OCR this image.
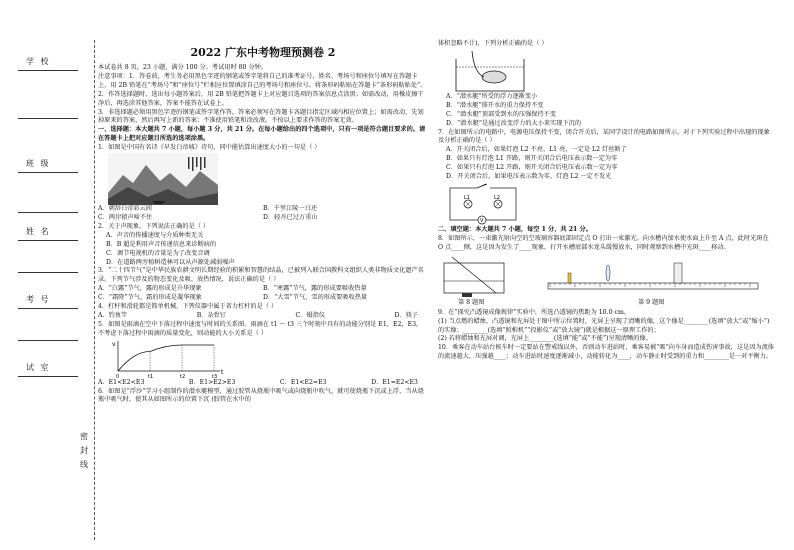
学 校
班 级
姓 名
考 号
试 室
密
封
线
2022 广东中考物理预测卷 2

本试卷共 8 页，23 小题，满分 100 分。考试用时 80 分钟。

注意事项：1．答卷前，考生务必用黑色字迹的钢笔或签字笔将自己的准考证号、姓名、考场号和座位号填写在答题卡上，用 2B 铅笔在“考场号”和“座位号”栏相应位置填涂自己的考场号和座位号。将条形码粘贴在答题卡“条形码粘贴处”。

2．作答选择题时，选出每小题答案后，用 2B 铅笔把答题卡上对应题目选项的答案信息点涂黑；如需改动，用橡皮擦干净后，再选涂其他答案，答案不能答在试卷上。

3．非选择题必须用黑色字迹的钢笔或签字笔作答，答案必须写在答题卡各题目指定区域内相应位置上；如需改动，先划掉原来的答案，然后再写上新的答案；不准使用铅笔和涂改液。不按以上要求作答的答案无效。

一、选择题：本大题共 7 小题，每小题 3 分，共 21 分。在每小题给出的四个选项中，只有一项是符合题目要求的。请在答题卡上把对应题目所选的选项涂黑。

1．如图是中国有名诗《早发白帝城》诗句，同中能估算出速度大小的一句是（ ）

A．朝辞白帝彩云间	B．千里江陵一日还
C．两岸猿声啼不住	D．轻舟已过万重山

2．关于声现象，下列说法正确的是（ ）

A．声音的传播速度与介质种类无关

B．B 超是利用声音传递信息来诊断病的

C．调节电视机的音量是为了改变音调

D．在道路两旁植树造林可以从声源处减弱噪声

3．“二十四节气”是中华民族农耕文明长期经验的积累和智慧的结晶，已被列入联合国教科文组织人类非物质文化遗产名录。下列节气涉及的物态变化及吸、放热情况，说法正确的是（ ）

A．“白露”节气，露的形成是升华现象	B．“寒露”节气，露的形成要吸收热量
C．“霜降”节气，霜的形成是凝华现象	D．“大雪”节气，雪的形成要吸收热量

4．杠杆和滑轮都是简单机械，下列仪器中属于省力杠杆的是（ ）

A．钓鱼竿	B．杂骨钉	C．镊指仪	D．筷子

5．如图是雨滴在空中下落过程中速度与时间的关系图。雨滴在 t1 ～ t3 三个时刻中具有的动能分别是 E1，E2，E3，不考虑下落过程中雨滴的质量变化，则动能的大小关系是（ ）

v
t
0	t1	t2	t3
A．E1<E2<E3	B．E1>E2>E3	C．E1<E2=E3	D．E1=E2<E3

6．如图是“浮沙”学习小组制作的潜水艇模型，通过胶管从烧瓶中吸气或向烧瓶中吹气，就可使烧瓶下沉或上浮，当从烧瓶中吸气时，使其从如图所示的位置下沉 (胶管在水中的

体积忽略不计)，下列分析正确的是（ ）

A．“潜水艇”所受的浮力逐渐变小

B．“潜水艇”排开水的重力保持不变

C．“潜水艇”顶部受到水的压强保持不变

D．“潜水艇”是通过改变浮力的大小来实现下沉的

7．在如图所示的电路中，电源电压保持不变，闭合开关后，某同学设计的电路如图所示。对于下列实验过程中出现的现象及分析正确的是（ ）

A．开关闭合后，如果灯泡 L2 不亮、L1 亮，一定是 L2 灯丝断了

B．如果只有灯泡 L1 开路，则开关闭合后电压表示数一定为零

C．如果只有灯泡 L2 开路，则开关闭合后电压表示数一定为零

D．开关闭合后，如果电压表示数为零，灯泡 L2 一定不发光

V
L1	L2

二、填空题：本大题共 7 小题，每空 1 分，共 21 分。

8．如图所示，一束激光射向空的空玻璃容器底部固定点 O 打出一束激光。向水槽内加水使水面上升至 A 点，此时光斑在 O 点____侧，这是因为发生了____现象。打开水槽底部水龙头缓慢放水，同时观察到水槽中光斑____移动。

第 8 题图	第 9 题图

9．在“探究凸透镜成像规律”实验中，所选凸透镜的焦距为 10.0 cm。

(1) 当点燃的蜡烛、凸透镜和光屏处于图中所示位置时，光屏上呈现了清晰的像，这个像是________(选填“放大”或“缩小”)的实像；________(选填“照相机”“投影仪”或“放大镜”)就是根据这一原理工作的；

(2) 若将蜡烛和光屏对调，光屏上________(选填“能”或“不能”)呈现清晰的像。

10．乘客在动车站台候车时一定要站在警戒线以外，否则动车进站时，乘客易被“吸”向车身而造成伤害事故，这是因为流体的流速越大，压强越____；动车进站时速度逐渐减小，动能转化为____，动车静止时受到的重力和________是一对平衡力。
